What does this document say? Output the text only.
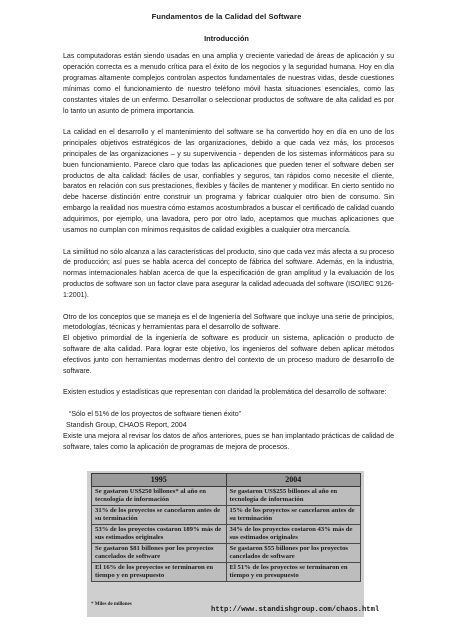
Fundamentos de la Calidad del Software
Introducción

Las computadoras están siendo usadas en una amplia y creciente variedad de áreas de aplicación y su operación correcta es a menudo crítica para el éxito de los negocios y la seguridad humana. Hoy en día programas altamente complejos controlan aspectos fundamentales de nuestras vidas, desde cuestiones mínimas como el funcionamiento de nuestro teléfono móvil hasta situaciones esenciales, como las constantes vitales de un enfermo. Desarrollar o seleccionar productos de software de alta calidad es por lo tanto un asunto de primera importancia.

La calidad en el desarrollo y el mantenimiento del software se ha convertido hoy en día en uno de los principales objetivos estratégicos de las organizaciones, debido a que cada vez más, los procesos principales de las organizaciones – y su supervivencia - dependen de los sistemas informáticos para su buen funcionamiento. Parece claro que todas las aplicaciones que pueden tener el software deben ser productos de alta calidad: fáciles de usar, confiables y seguros, tan rápidos como necesite el cliente, baratos en relación con sus prestaciones, flexibles y fáciles de mantener y modificar. En cierto sentido no debe hacerse distinción entre construir un programa y fabricar cualquier otro bien de consumo. Sin embargo la realidad nos muestra cómo estamos acostumbrados a buscar el certificado de calidad cuando adquirimos, por ejemplo, una lavadora, pero por otro lado, aceptamos que muchas aplicaciones que usamos no cumplan con mínimos requisitos de calidad exigibles a cualquier otra mercancía.

La similitud no sólo alcanza a las características del producto, sino que cada vez más afecta a su proceso de producción; así pues se habla acerca del concepto de fábrica del software. Además, en la industria, normas internacionales hablan acerca de que la especificación de gran amplitud y la evaluación de los productos de software son un factor clave para asegurar la calidad adecuada del software (ISO/IEC 9126-1:2001).

Otro de los conceptos que se maneja es el de Ingeniería del Software que incluye una serie de principios, metodologías, técnicas y herramientas para el desarrollo de software.
El objetivo primordial de la ingeniería de software es producir un sistema, aplicación o producto de software de alta calidad. Para lograr este objetivo, los ingenieros del software deben aplicar métodos efectivos junto con herramientas modernas dentro del contexto de un proceso maduro de desarrollo de software.

Existen estudios y estadísticas que representan con claridad la problemática del desarrollo de software:

“Sólo el 51% de los proyectos de software tienen éxito”

Standish Group, CHAOS Report, 2004

Existe una mejora al revisar los datos de años anteriores, pues se han implantado prácticas de calidad de software, tales como la aplicación de programas de mejora de procesos.

1995	2004
Se gastaron US$250 billones* al año en tecnología de información	Se gastaron US$255 billones al año en tecnología de información
31% de los proyectos se cancelaron antes de su terminación	15% de los proyectos se cancelaron antes de su terminación
53% de los proyectos costaron 189% más de sus estimados originales	34% de los proyectos costaron 43% más de sus estimados originales
Se gastaron $81 billones por los proyectos cancelados de software	Se gastaron $55 billones por los proyectos cancelados de software
El 16% de los proyectos se terminaron en tiempo y en presupuesto	El 51% de los proyectos se terminaron en tiempo y en presupuesto
* Miles de millones
http://www.standishgroup.com/chaos.html
